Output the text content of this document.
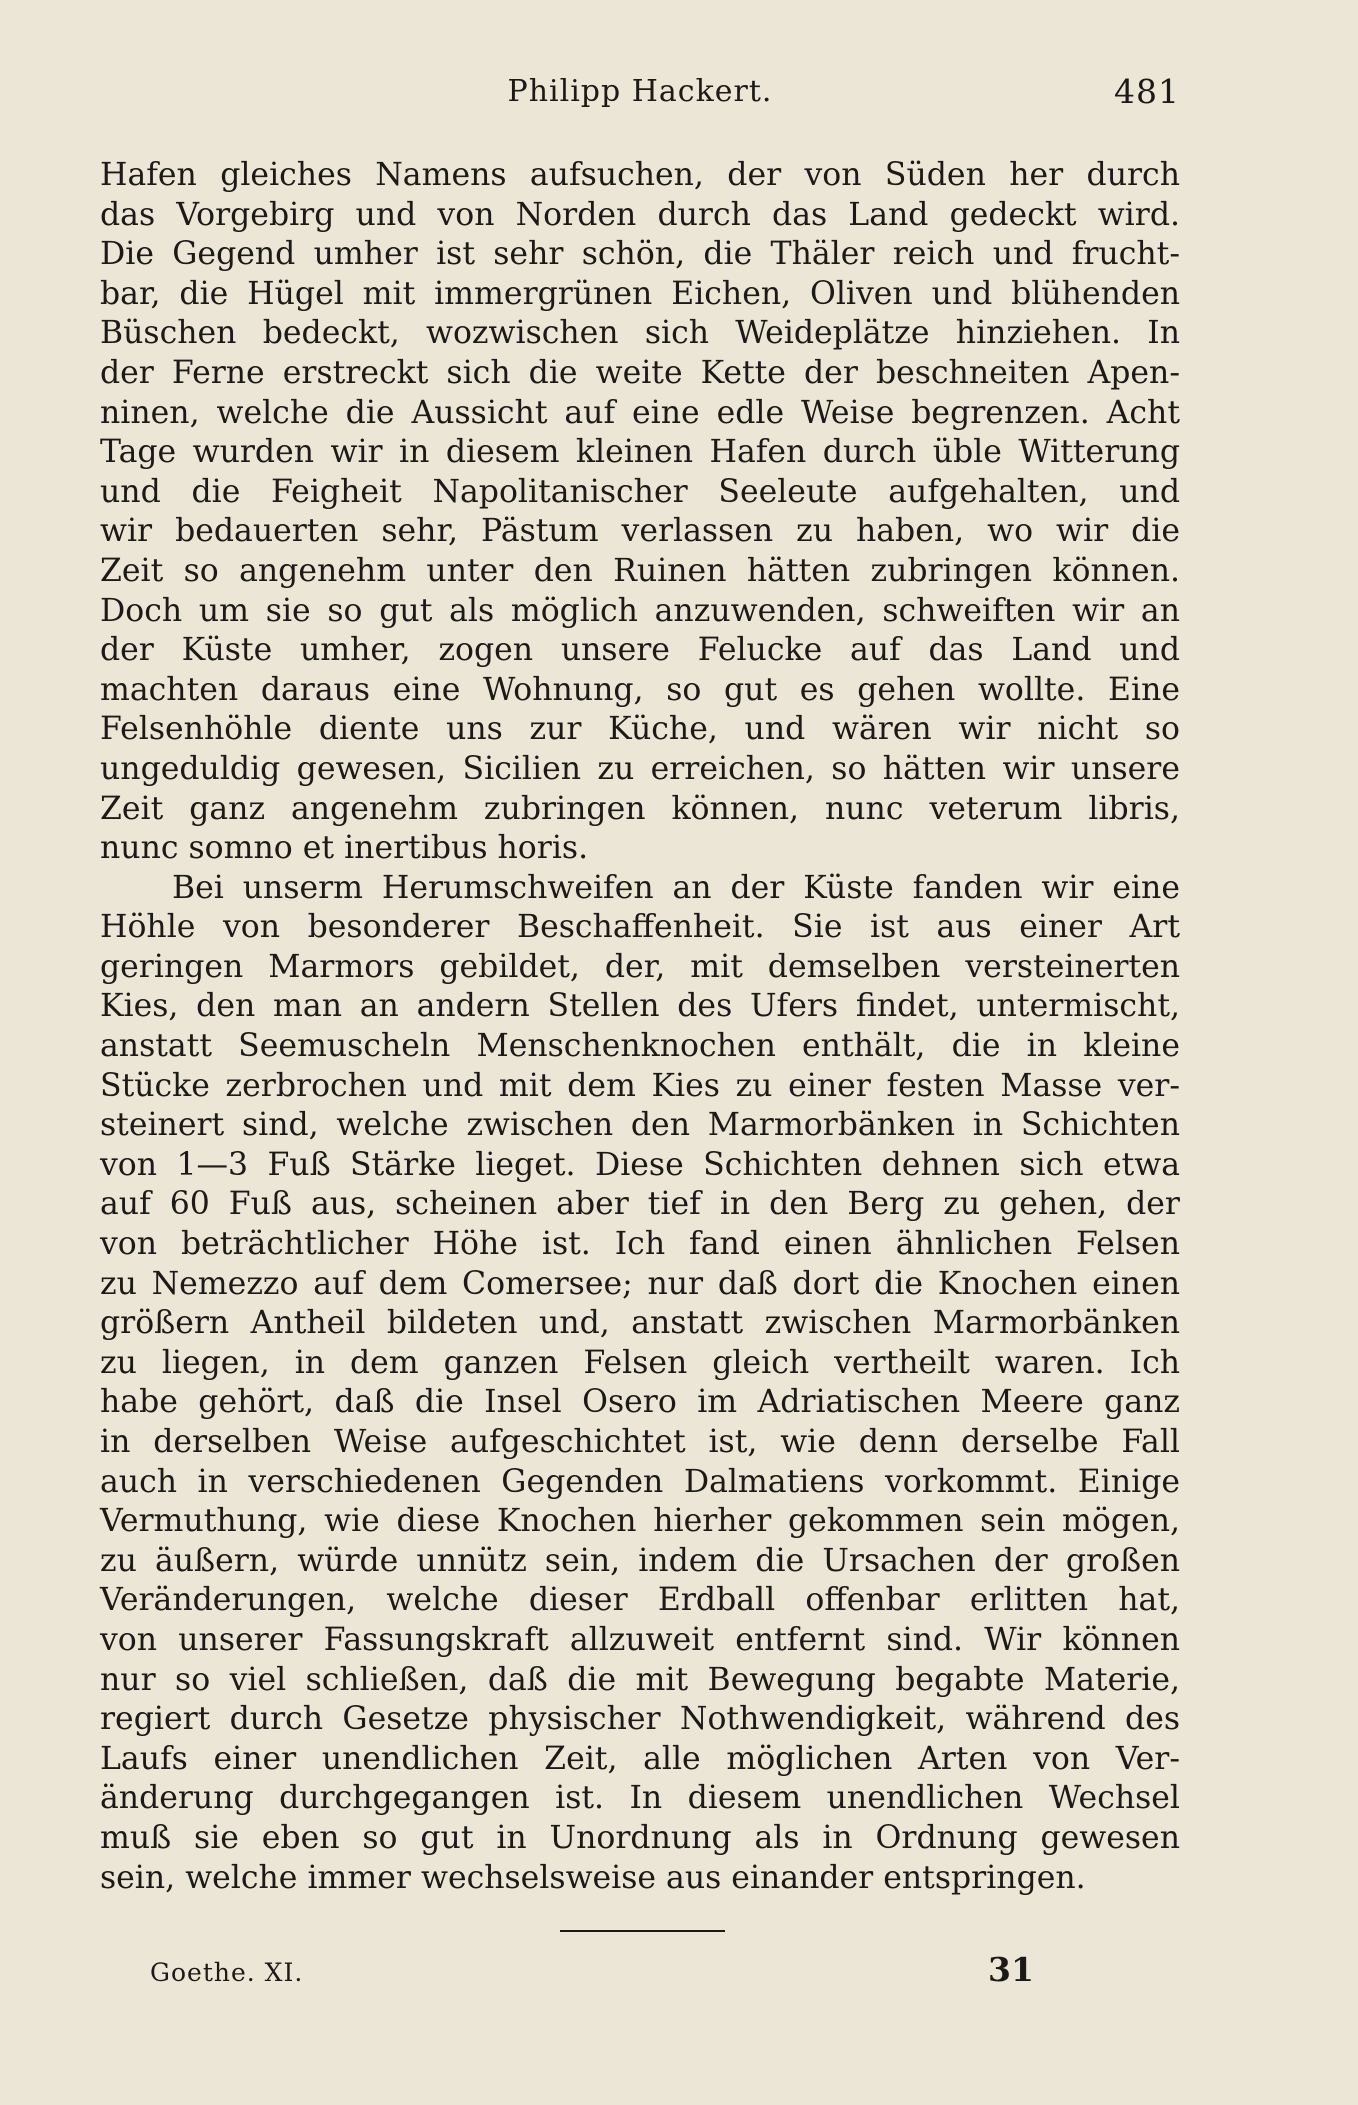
Philipp Hackert.	481
Hafen gleiches Namens aufsuchen, der von Süden her durch
das Vorgebirg und von Norden durch das Land gedeckt wird.
Die Gegend umher ist sehr schön, die Thäler reich und frucht-
bar, die Hügel mit immergrünen Eichen, Oliven und blühenden
Büschen bedeckt, wozwischen sich Weideplätze hinziehen. In
der Ferne erstreckt sich die weite Kette der beschneiten Apen-
ninen, welche die Aussicht auf eine edle Weise begrenzen. Acht
Tage wurden wir in diesem kleinen Hafen durch üble Witterung
und die Feigheit Napolitanischer Seeleute aufgehalten, und
wir bedauerten sehr, Pästum verlassen zu haben, wo wir die
Zeit so angenehm unter den Ruinen hätten zubringen können.
Doch um sie so gut als möglich anzuwenden, schweiften wir an
der Küste umher, zogen unsere Felucke auf das Land und
machten daraus eine Wohnung, so gut es gehen wollte. Eine
Felsenhöhle diente uns zur Küche, und wären wir nicht so
ungeduldig gewesen, Sicilien zu erreichen, so hätten wir unsere
Zeit ganz angenehm zubringen können, nunc veterum libris,
nunc somno et inertibus horis.
Bei unserm Herumschweifen an der Küste fanden wir eine
Höhle von besonderer Beschaffenheit. Sie ist aus einer Art
geringen Marmors gebildet, der, mit demselben versteinerten
Kies, den man an andern Stellen des Ufers findet, untermischt,
anstatt Seemuscheln Menschenknochen enthält, die in kleine
Stücke zerbrochen und mit dem Kies zu einer festen Masse ver-
steinert sind, welche zwischen den Marmorbänken in Schichten
von 1—3 Fuß Stärke lieget. Diese Schichten dehnen sich etwa
auf 60 Fuß aus, scheinen aber tief in den Berg zu gehen, der
von beträchtlicher Höhe ist. Ich fand einen ähnlichen Felsen
zu Nemezzo auf dem Comersee; nur daß dort die Knochen einen
größern Antheil bildeten und, anstatt zwischen Marmorbänken
zu liegen, in dem ganzen Felsen gleich vertheilt waren. Ich
habe gehört, daß die Insel Osero im Adriatischen Meere ganz
in derselben Weise aufgeschichtet ist, wie denn derselbe Fall
auch in verschiedenen Gegenden Dalmatiens vorkommt. Einige
Vermuthung, wie diese Knochen hierher gekommen sein mögen,
zu äußern, würde unnütz sein, indem die Ursachen der großen
Veränderungen, welche dieser Erdball offenbar erlitten hat,
von unserer Fassungskraft allzuweit entfernt sind. Wir können
nur so viel schließen, daß die mit Bewegung begabte Materie,
regiert durch Gesetze physischer Nothwendigkeit, während des
Laufs einer unendlichen Zeit, alle möglichen Arten von Ver-
änderung durchgegangen ist. In diesem unendlichen Wechsel
muß sie eben so gut in Unordnung als in Ordnung gewesen
sein, welche immer wechselsweise aus einander entspringen.
Goethe. XI.	31
